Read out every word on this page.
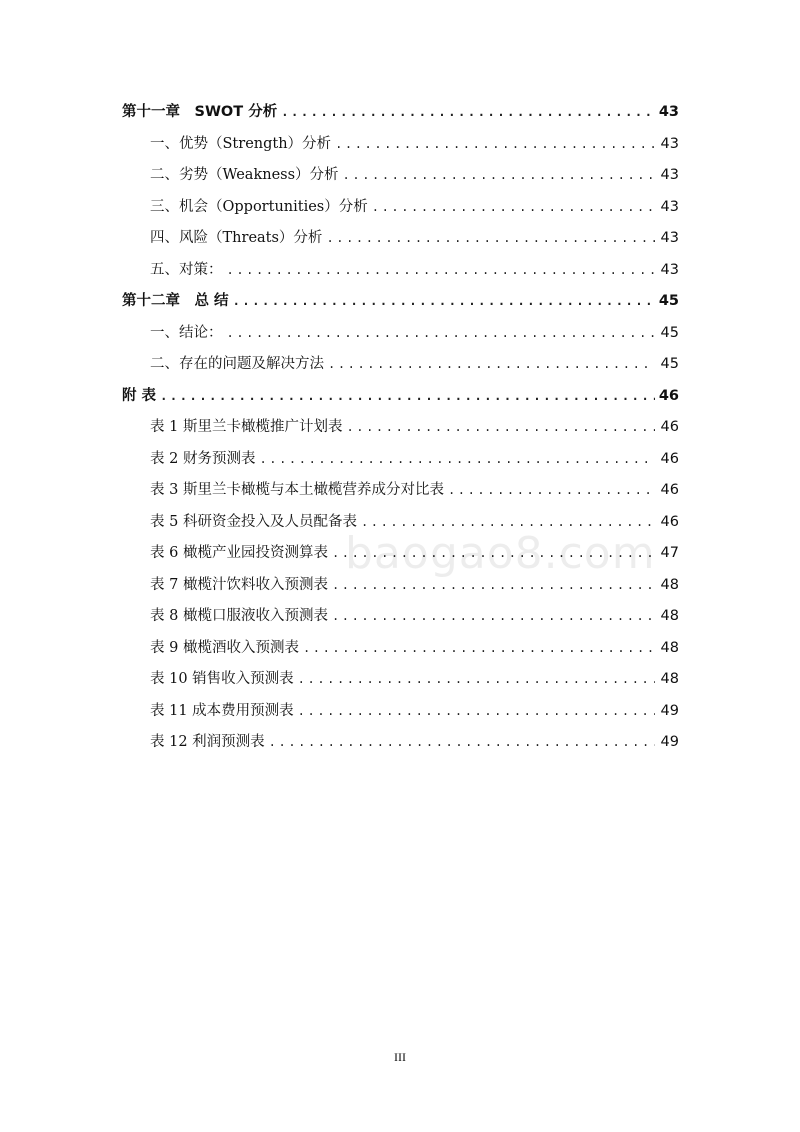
第十一章　SWOT 分析 .....	43
一、优势（Strength）分析 .....	43
二、劣势（Weakness）分析 .....	43
三、机会（Opportunities）分析 .....	43
四、风险（Threats）分析 .....	43
五、对策： .....	43
第十二章　总 结 .....	45
一、结论： .....	45
二、存在的问题及解决方法 .....	45
附 表 .....	46
表 1 斯里兰卡橄榄推广计划表 .....	46
表 2 财务预测表 .....	46
表 3 斯里兰卡橄榄与本土橄榄营养成分对比表 .....	46
表 5 科研资金投入及人员配备表 .....	46
表 6 橄榄产业园投资测算表 .....	47
表 7 橄榄汁饮料收入预测表 .....	48
表 8 橄榄口服液收入预测表 .....	48
表 9 橄榄酒收入预测表 .....	48
表 10 销售收入预测表 .....	48
表 11 成本费用预测表 .....	49
表 12 利润预测表 .....	49
baogao8.com
III
